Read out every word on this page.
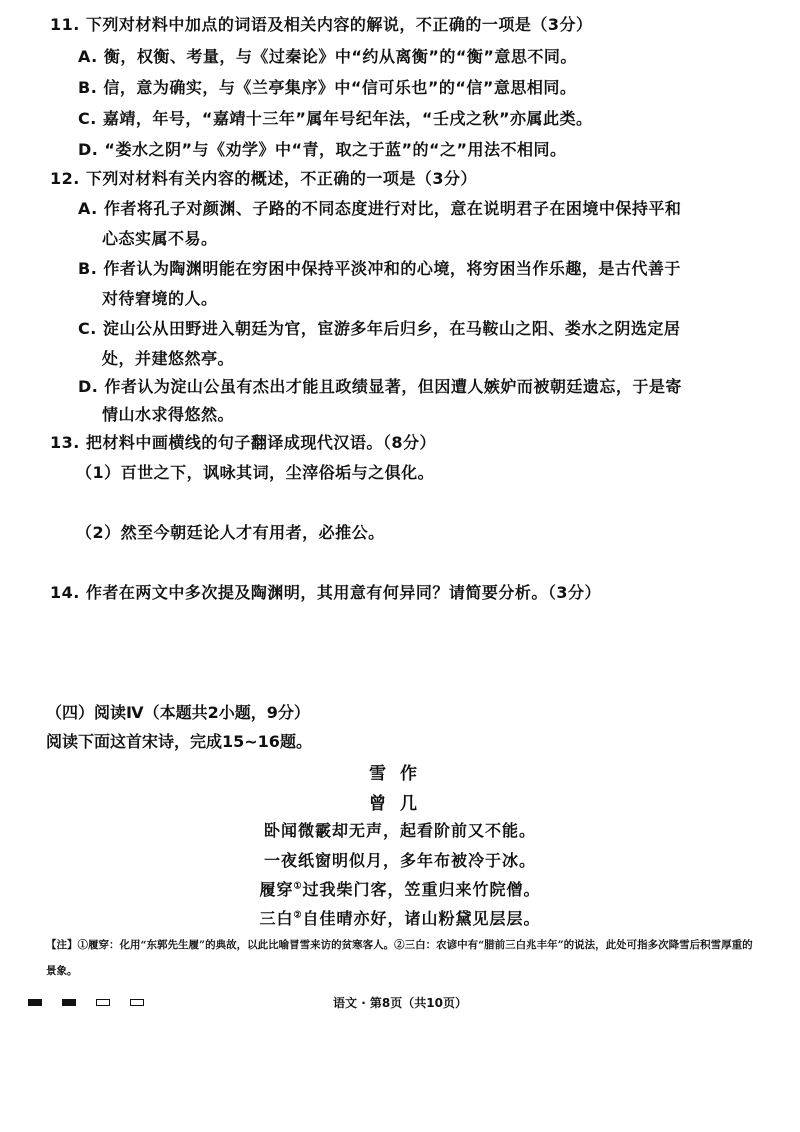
11. 下列对材料中加点的词语及相关内容的解说，不正确的一项是（3分）
A. 衡，权衡、考量，与《过秦论》中“约从离衡”的“衡”意思不同。
B. 信，意为确实，与《兰亭集序》中“信可乐也”的“信”意思相同。
C. 嘉靖，年号，“嘉靖十三年”属年号纪年法，“壬戌之秋”亦属此类。
D. “娄水之阴”与《劝学》中“青，取之于蓝”的“之”用法不相同。
12. 下列对材料有关内容的概述，不正确的一项是（3分）
A. 作者将孔子对颜渊、子路的不同态度进行对比，意在说明君子在困境中保持平和
心态实属不易。
B. 作者认为陶渊明能在穷困中保持平淡冲和的心境，将穷困当作乐趣，是古代善于
对待窘境的人。
C. 淀山公从田野进入朝廷为官，宦游多年后归乡，在马鞍山之阳、娄水之阴选定居
处，并建悠然亭。
D. 作者认为淀山公虽有杰出才能且政绩显著，但因遭人嫉妒而被朝廷遗忘，于是寄
情山水求得悠然。
13. 把材料中画横线的句子翻译成现代汉语。（8分）
（1）百世之下，讽咏其词，尘滓俗垢与之俱化。
（2）然至今朝廷论人才有用者，必推公。
14. 作者在两文中多次提及陶渊明，其用意有何异同？请简要分析。（3分）
（四）阅读Ⅳ（本题共2小题，9分）
阅读下面这首宋诗，完成15~16题。
雪作
曾几
卧闻微霰却无声，起看阶前又不能。
一夜纸窗明似月，多年布被冷于冰。
履穿①过我柴门客，笠重归来竹院僧。
三白②自佳晴亦好，诸山粉黛见层层。
【注】①履穿：化用“东郭先生履”的典故，以此比喻冒雪来访的贫寒客人。②三白：农谚中有“腊前三白兆丰年”的说法，此处可指多次降雪后积雪厚重的景象。
语文 · 第8页（共10页）
